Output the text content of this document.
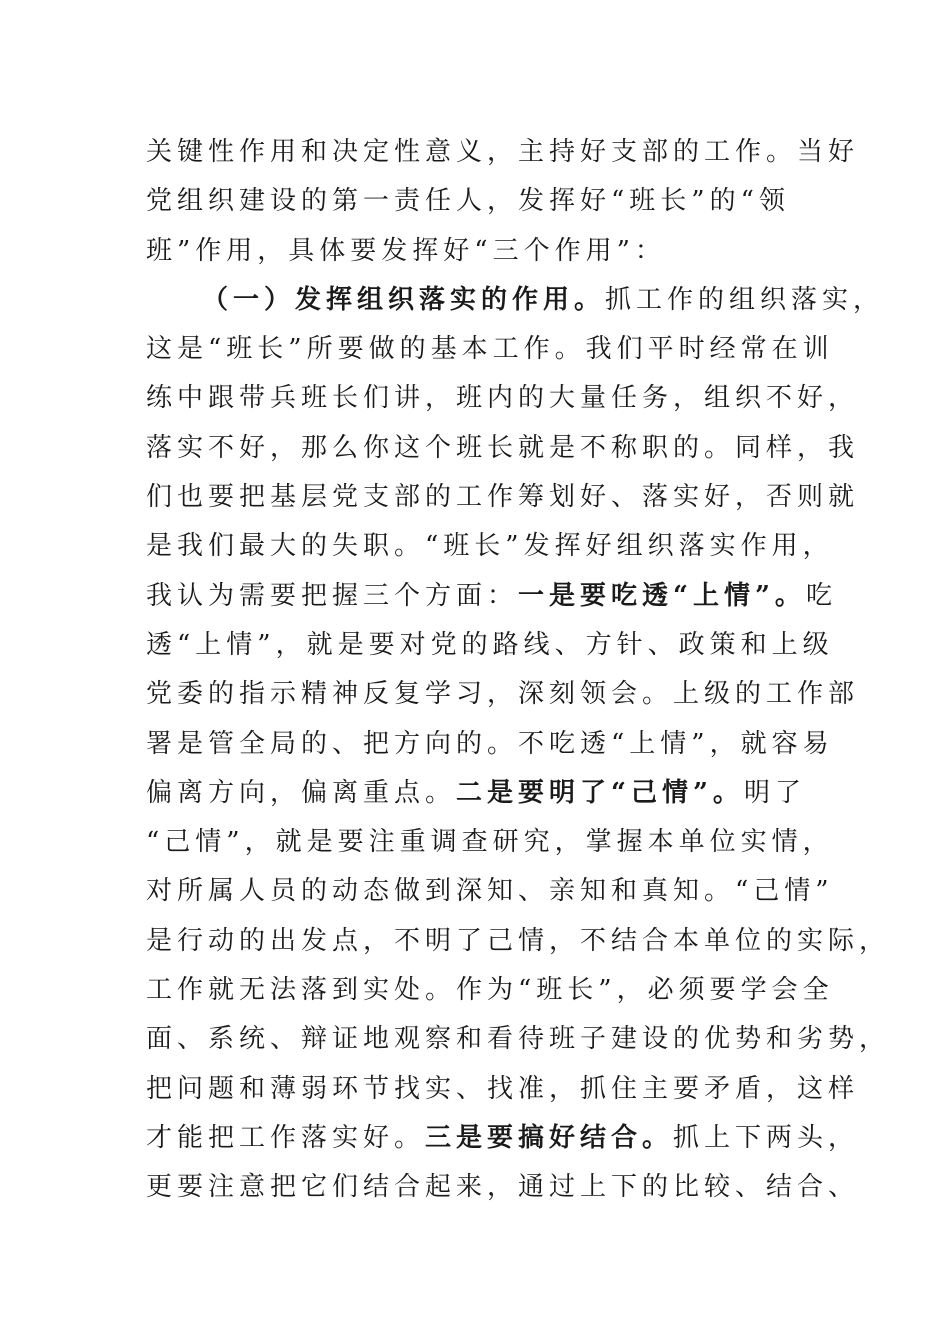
关键性作用和决定性意义，主持好支部的工作。当好
党组织建设的第一责任人，发挥好“班长”的“领
班”作用，具体要发挥好“三个作用”：
（一）发挥组织落实的作用。抓工作的组织落实，
这是“班长”所要做的基本工作。我们平时经常在训
练中跟带兵班长们讲，班内的大量任务，组织不好，
落实不好，那么你这个班长就是不称职的。同样，我
们也要把基层党支部的工作筹划好、落实好，否则就
是我们最大的失职。“班长”发挥好组织落实作用，
我认为需要把握三个方面：一是要吃透“上情”。吃
透“上情”，就是要对党的路线、方针、政策和上级
党委的指示精神反复学习，深刻领会。上级的工作部
署是管全局的、把方向的。不吃透“上情”，就容易
偏离方向，偏离重点。二是要明了“己情”。明了
“己情”，就是要注重调查研究，掌握本单位实情，
对所属人员的动态做到深知、亲知和真知。“己情”
是行动的出发点，不明了己情，不结合本单位的实际，
工作就无法落到实处。作为“班长”，必须要学会全
面、系统、辩证地观察和看待班子建设的优势和劣势，
把问题和薄弱环节找实、找准，抓住主要矛盾，这样
才能把工作落实好。三是要搞好结合。抓上下两头，
更要注意把它们结合起来，通过上下的比较、结合、
